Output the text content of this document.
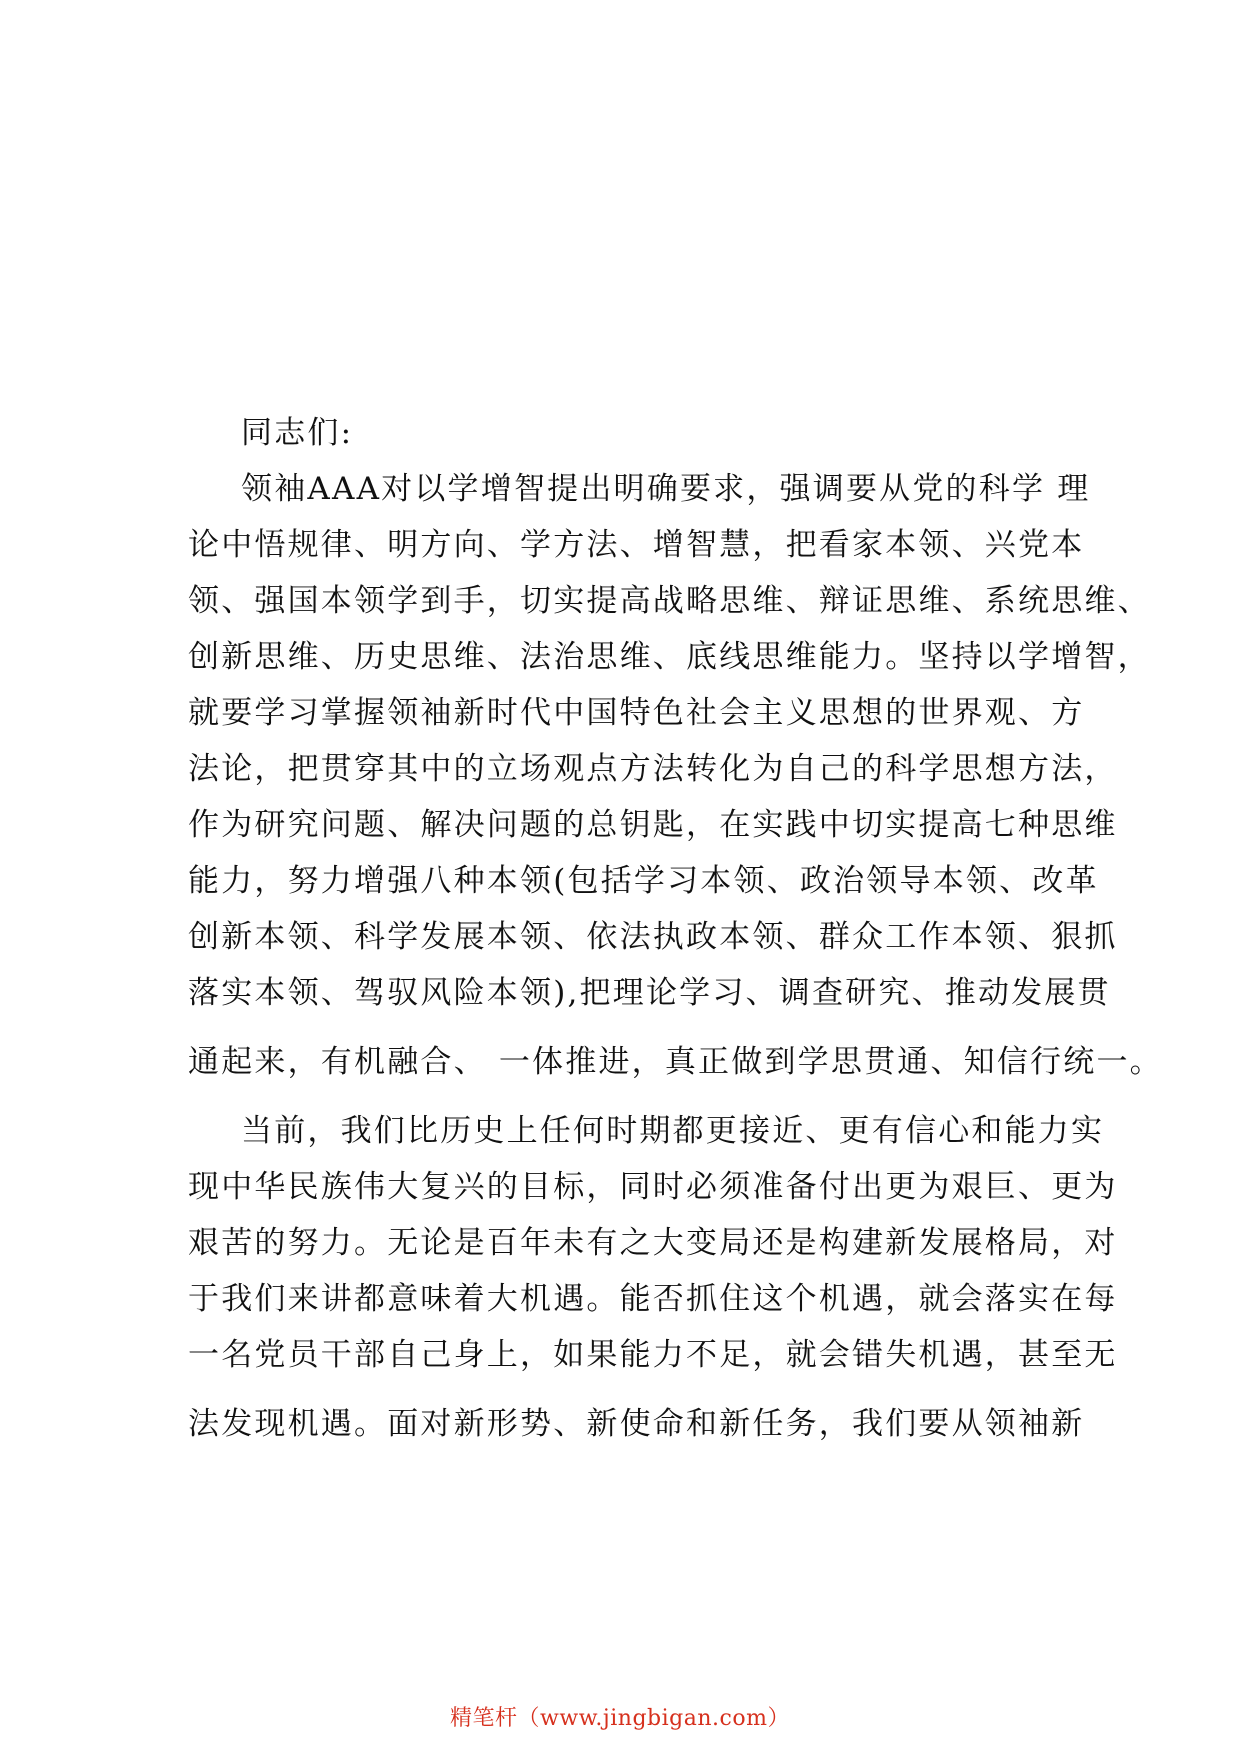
同志们:

领袖AAA对以学增智提出明确要求，强调要从党的科学 理

论中悟规律、明方向、学方法、增智慧，把看家本领、兴党本

领、强国本领学到手，切实提高战略思维、辩证思维、系统思维、

创新思维、历史思维、法治思维、底线思维能力。坚持以学增智，

就要学习掌握领袖新时代中国特色社会主义思想的世界观、方

法论，把贯穿其中的立场观点方法转化为自己的科学思想方法，

作为研究问题、解决问题的总钥匙，在实践中切实提高七种思维

能力，努力增强八种本领(包括学习本领、政治领导本领、改革

创新本领、科学发展本领、依法执政本领、群众工作本领、狠抓

落实本领、驾驭风险本领),把理论学习、调查研究、推动发展贯

通起来，有机融合、 一体推进，真正做到学思贯通、知信行统一。

当前，我们比历史上任何时期都更接近、更有信心和能力实

现中华民族伟大复兴的目标，同时必须准备付出更为艰巨、更为

艰苦的努力。无论是百年未有之大变局还是构建新发展格局，对

于我们来讲都意味着大机遇。能否抓住这个机遇，就会落实在每

一名党员干部自己身上，如果能力不足，就会错失机遇，甚至无

法发现机遇。面对新形势、新使命和新任务，我们要从领袖新

精笔杆（www.jingbigan.com）
